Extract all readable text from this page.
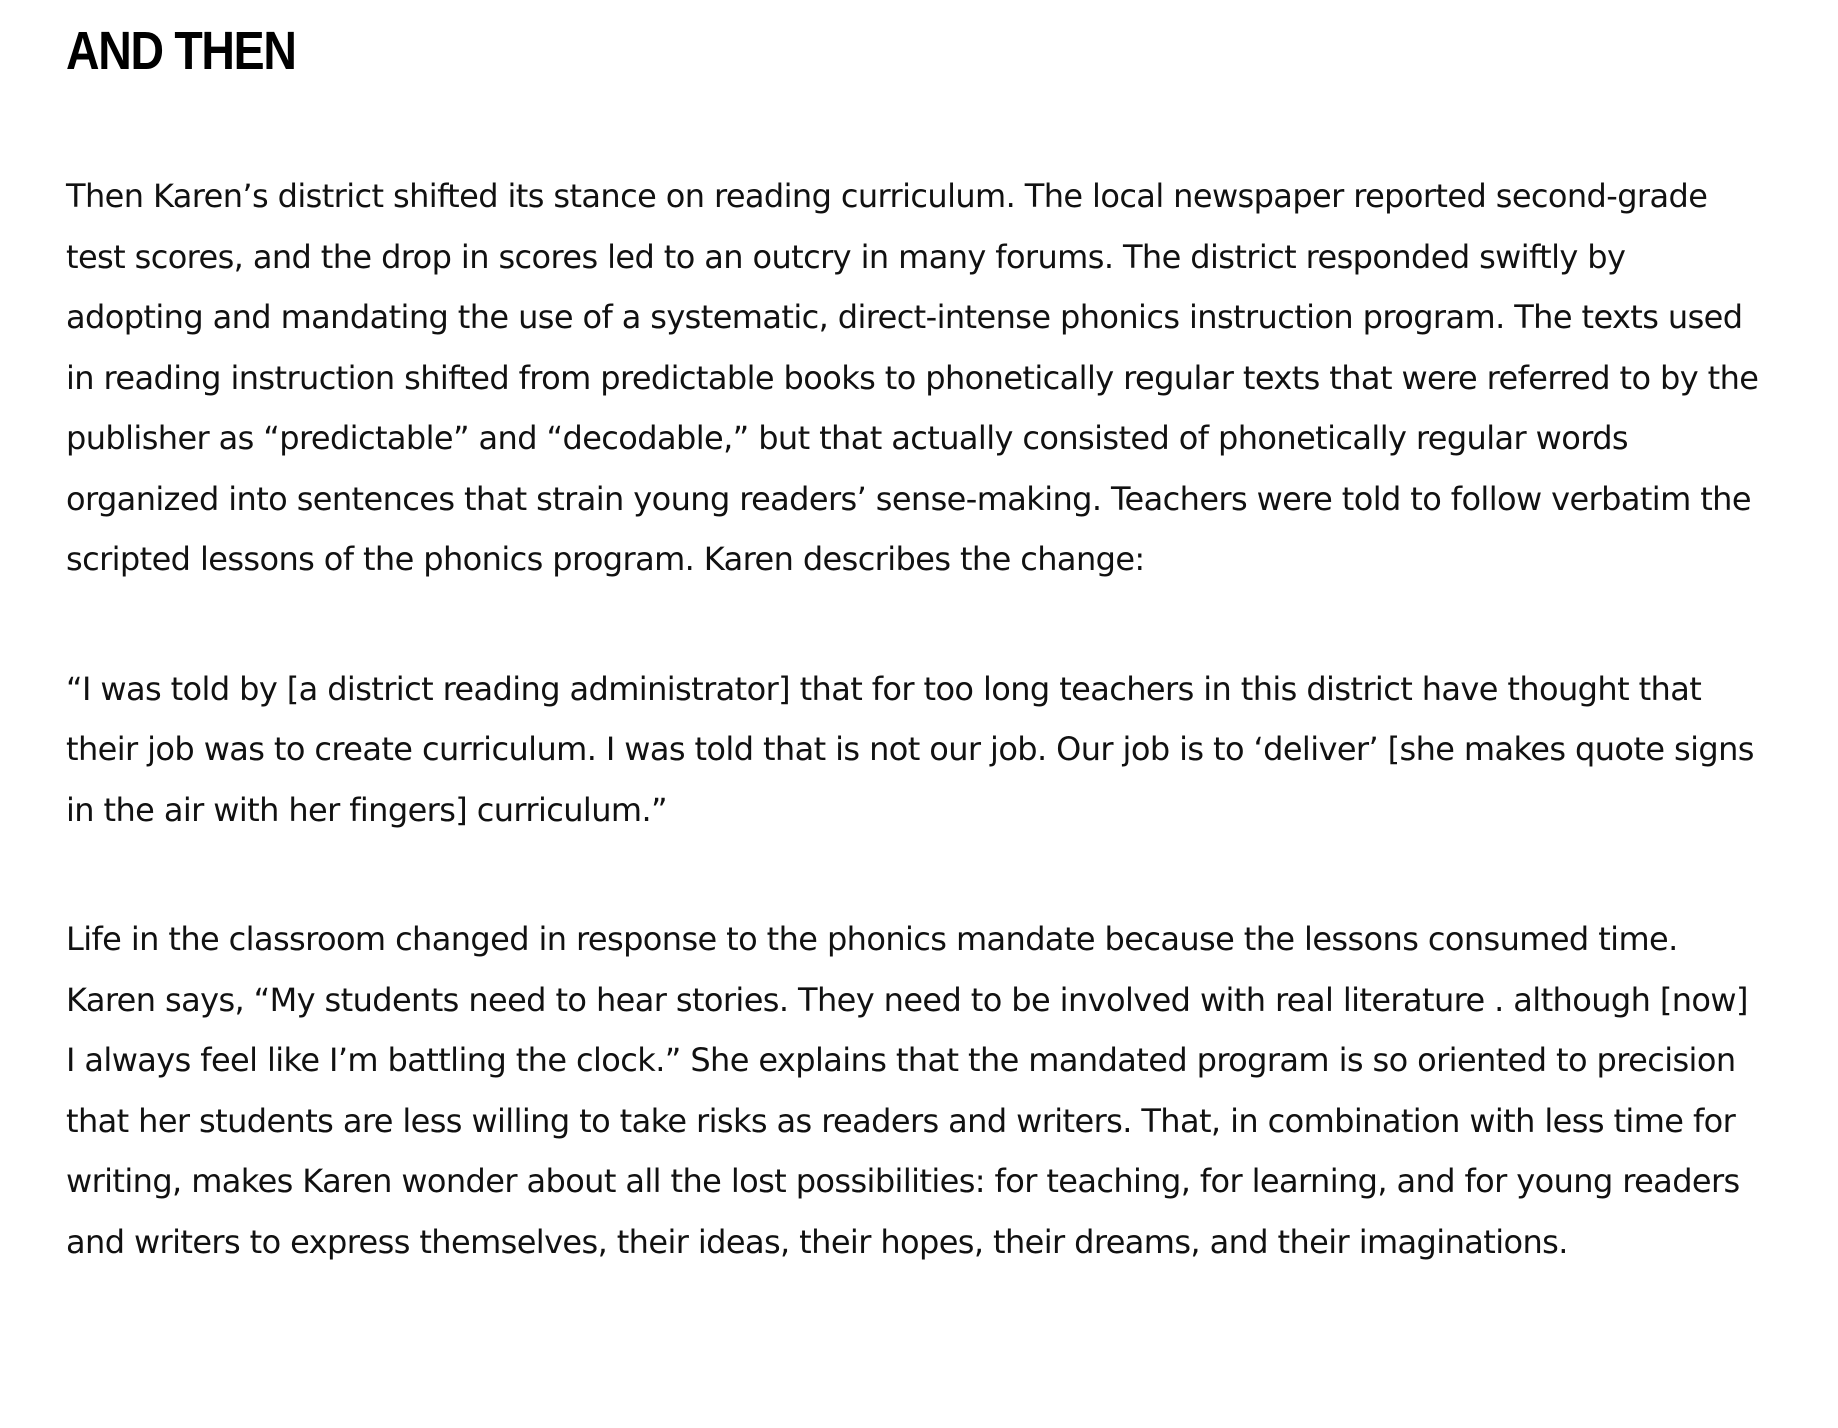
AND THEN

Then Karen’s district shifted its stance on reading curriculum. The local newspaper reported second-grade test scores, and the drop in scores led to an outcry in many forums. The district responded swiftly by adopting and mandating the use of a systematic, direct-intense phonics instruction program. The texts used in reading instruction shifted from predictable books to phonetically regular texts that were referred to by the publisher as “predictable” and “decodable,” but that actually consisted of phonetically regular words organized into sentences that strain young readers’ sense-making. Teachers were told to follow verbatim the scripted lessons of the phonics program. Karen describes the change:

“I was told by [a district reading administrator] that for too long teachers in this district have thought that their job was to create curriculum. I was told that is not our job. Our job is to ‘deliver’ [she makes quote signs in the air with her fingers] curriculum.”

Life in the classroom changed in response to the phonics mandate because the lessons consumed time. Karen says, “My students need to hear stories. They need to be involved with real literature . although [now] I always feel like I’m battling the clock.” She explains that the mandated program is so oriented to precision that her students are less willing to take risks as readers and writers. That, in combination with less time for writing, makes Karen wonder about all the lost possibilities: for teaching, for learning, and for young readers and writers to express themselves, their ideas, their hopes, their dreams, and their imaginations.
